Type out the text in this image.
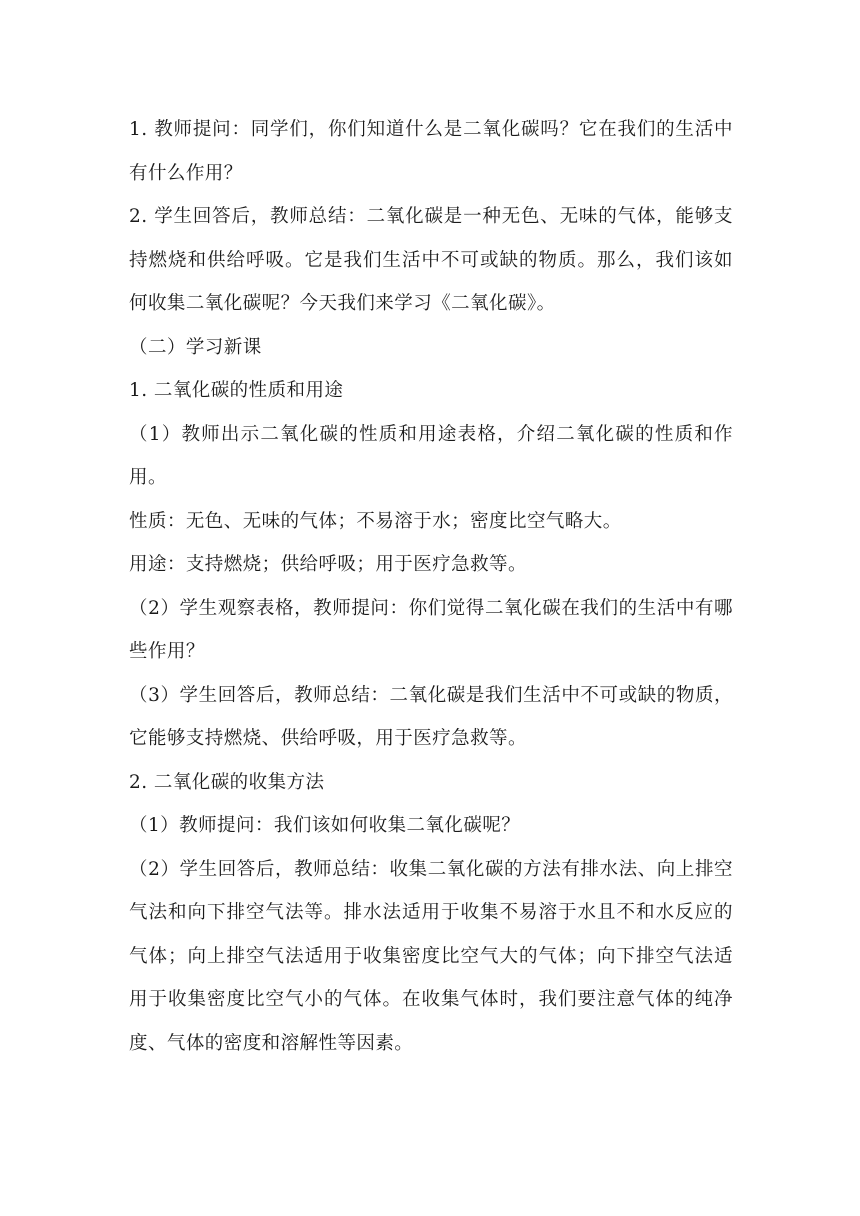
1. 教师提问：同学们，你们知道什么是二氧化碳吗？它在我们的生活中有什么作用？

2. 学生回答后，教师总结：二氧化碳是一种无色、无味的气体，能够支持燃烧和供给呼吸。它是我们生活中不可或缺的物质。那么，我们该如何收集二氧化碳呢？今天我们来学习《二氧化碳》。

（二）学习新课

1. 二氧化碳的性质和用途

（1）教师出示二氧化碳的性质和用途表格，介绍二氧化碳的性质和作用。

性质：无色、无味的气体；不易溶于水；密度比空气略大。

用途：支持燃烧；供给呼吸；用于医疗急救等。

（2）学生观察表格，教师提问：你们觉得二氧化碳在我们的生活中有哪些作用？

（3）学生回答后，教师总结：二氧化碳是我们生活中不可或缺的物质，它能够支持燃烧、供给呼吸，用于医疗急救等。

2. 二氧化碳的收集方法

（1）教师提问：我们该如何收集二氧化碳呢？

（2）学生回答后，教师总结：收集二氧化碳的方法有排水法、向上排空气法和向下排空气法等。排水法适用于收集不易溶于水且不和水反应的气体；向上排空气法适用于收集密度比空气大的气体；向下排空气法适用于收集密度比空气小的气体。在收集气体时，我们要注意气体的纯净度、气体的密度和溶解性等因素。
